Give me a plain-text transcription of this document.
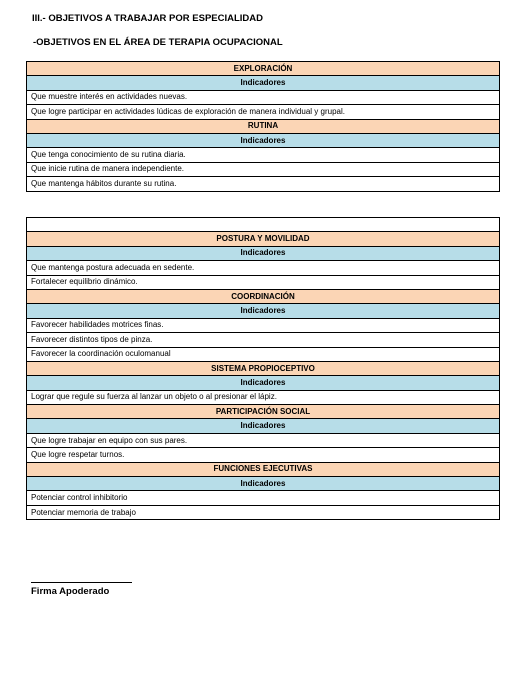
III.- OBJETIVOS A TRABAJAR POR ESPECIALIDAD
-OBJETIVOS EN EL ÁREA DE TERAPIA OCUPACIONAL
EXPLORACIÓN
Indicadores
Que muestre interés en actividades nuevas.
Que logre participar en actividades lúdicas de exploración de manera individual y grupal.
RUTINA
Indicadores
Que tenga conocimiento de su rutina diaria.
Que inicie rutina de manera independiente.
Que mantenga hábitos durante su rutina.

POSTURA Y MOVILIDAD
Indicadores
Que mantenga postura adecuada en sedente.
Fortalecer equilibrio dinámico.
COORDINACIÓN
Indicadores
Favorecer habilidades motrices finas.
Favorecer distintos tipos de pinza.
Favorecer la coordinación oculomanual
SISTEMA PROPIOCEPTIVO
Indicadores
Lograr que regule su fuerza al lanzar un objeto o al presionar el lápiz.
PARTICIPACIÓN SOCIAL
Indicadores
Que logre trabajar en equipo con sus pares.
Que logre respetar turnos.
FUNCIONES EJECUTIVAS
Indicadores
Potenciar control inhibitorio
Potenciar memoria de trabajo
Firma Apoderado
